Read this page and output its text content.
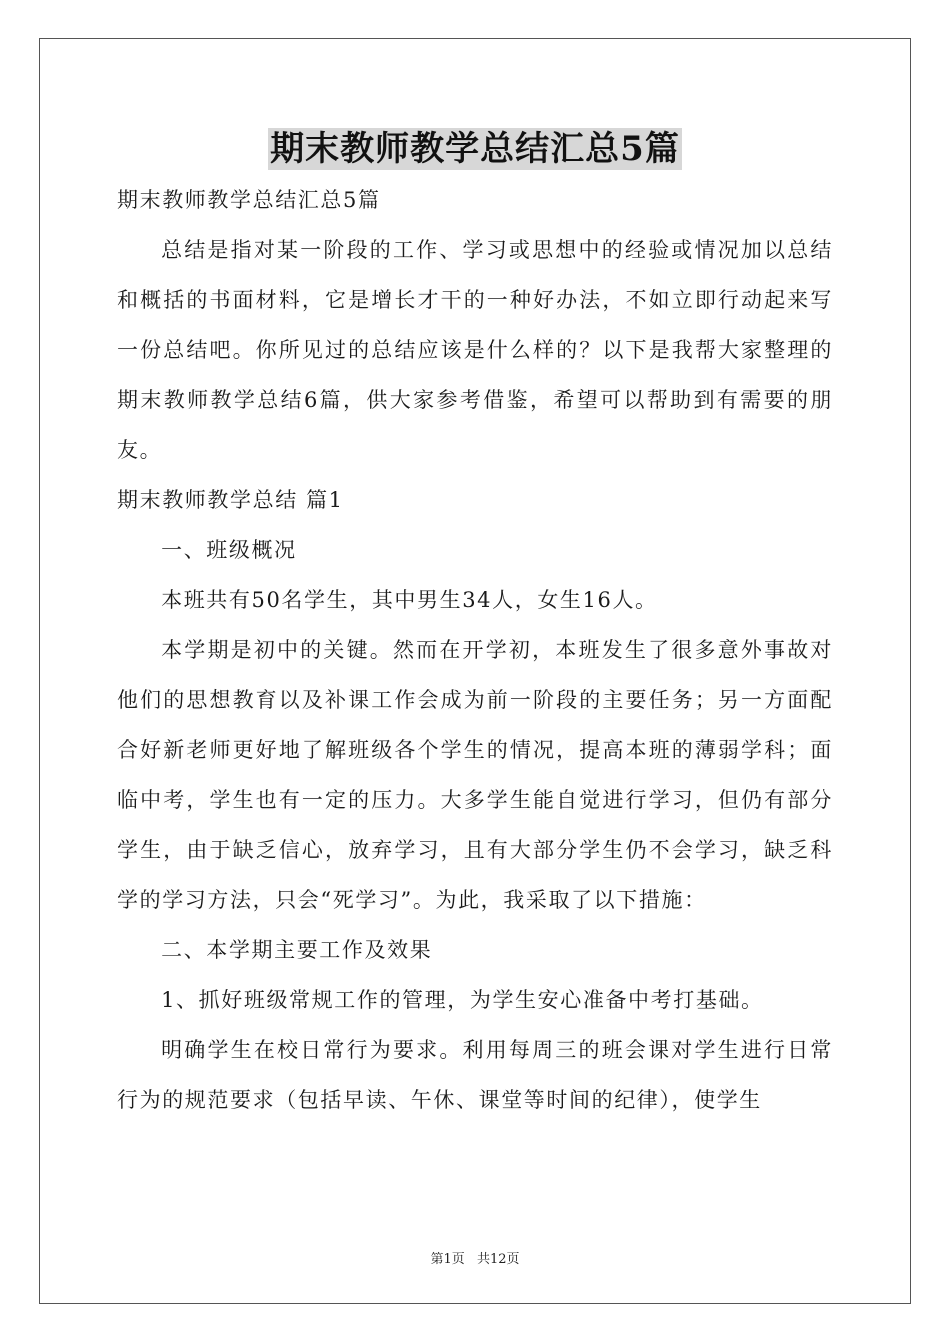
期末教师教学总结汇总5篇

期末教师教学总结汇总5篇

总结是指对某一阶段的工作、学习或思想中的经验或情况加以总结和概括的书面材料，它是增长才干的一种好办法，不如立即行动起来写一份总结吧。你所见过的总结应该是什么样的？以下是我帮大家整理的期末教师教学总结6篇，供大家参考借鉴，希望可以帮助到有需要的朋友。

期末教师教学总结 篇1

一、班级概况

本班共有50名学生，其中男生34人，女生16人。

本学期是初中的关键。然而在开学初，本班发生了很多意外事故对他们的思想教育以及补课工作会成为前一阶段的主要任务；另一方面配合好新老师更好地了解班级各个学生的情况，提高本班的薄弱学科；面临中考，学生也有一定的压力。大多学生能自觉进行学习，但仍有部分学生，由于缺乏信心，放弃学习，且有大部分学生仍不会学习，缺乏科学的学习方法，只会“死学习”。为此，我采取了以下措施：

二、本学期主要工作及效果

1、抓好班级常规工作的管理，为学生安心准备中考打基础。

明确学生在校日常行为要求。利用每周三的班会课对学生进行日常行为的规范要求（包括早读、午休、课堂等时间的纪律），使学生

第1页 共12页
